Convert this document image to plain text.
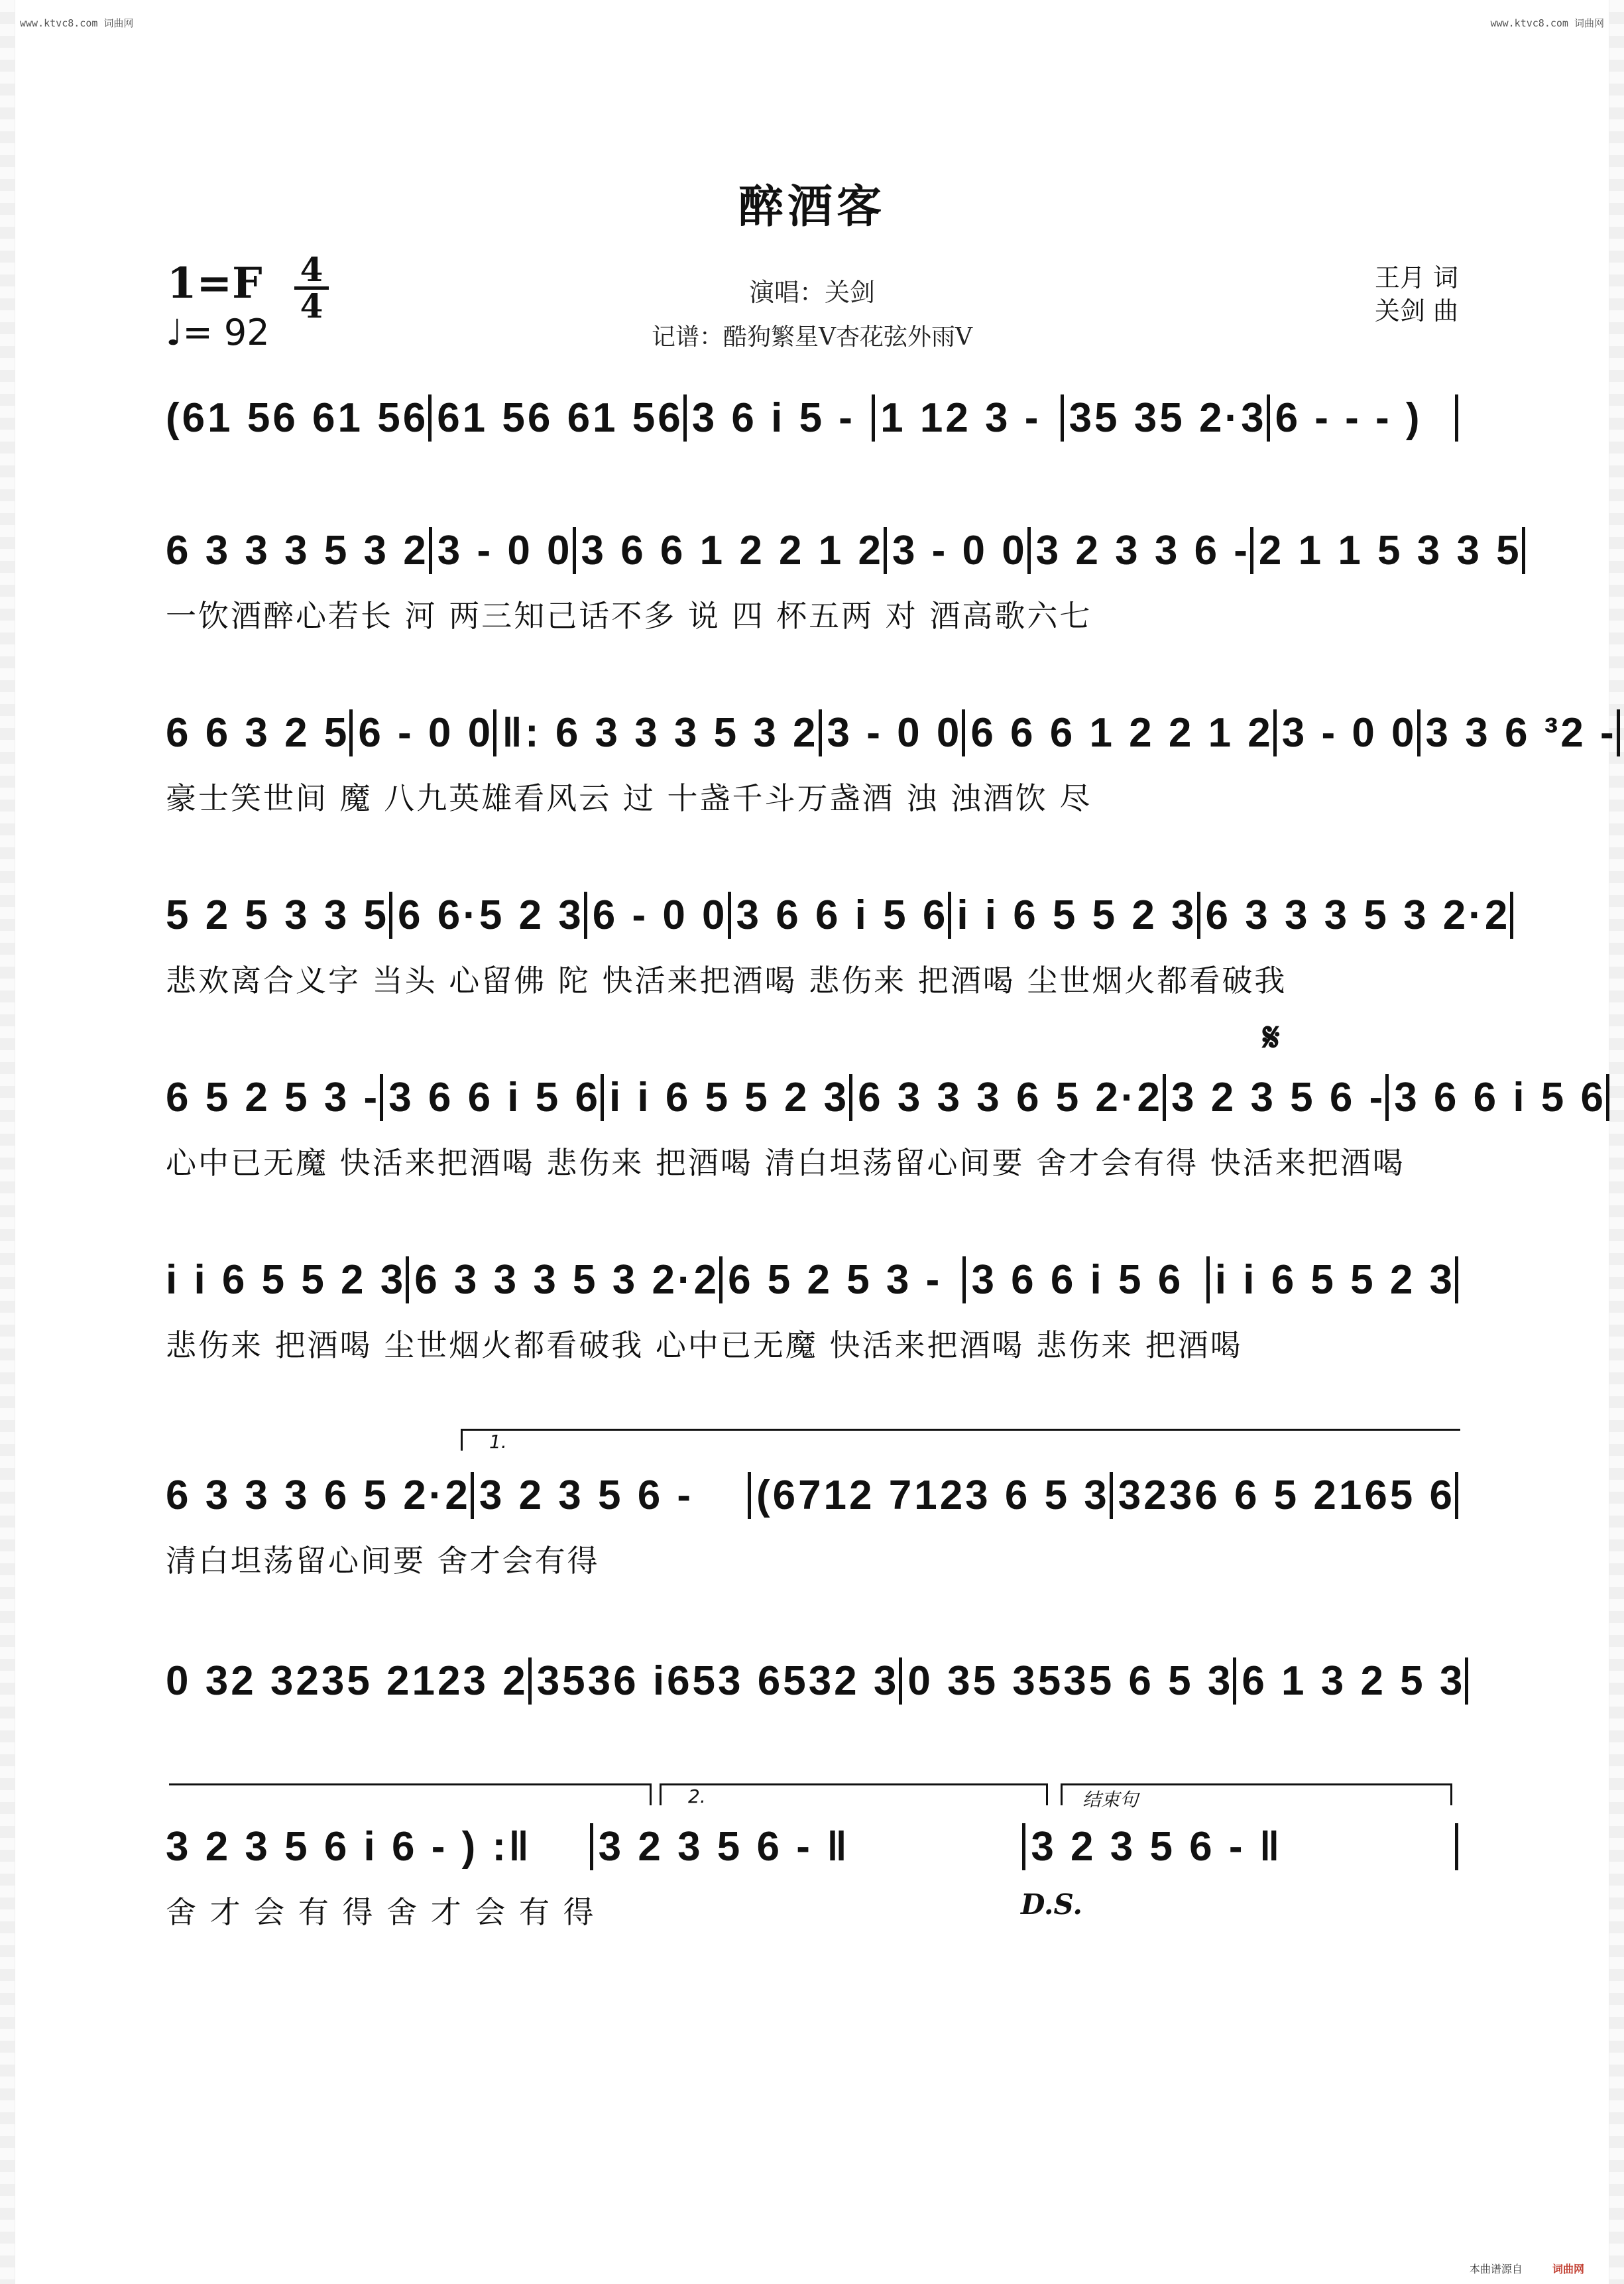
www.ktvc8.com 词曲网	www.ktvc8.com 词曲网
醉酒客
1=F 4
4
♩= 92
演唱：关剑
记谱：酷狗繁星V杏花弦外雨V
王月 词
关剑 曲
(61 56 61 56 61 56 61 56 3 6 i 5 - 1 12 3 - 35 35 2·3 6 - - - )
6 3 3 3 5 3 2 3 - 0 0 3 6 6 1 2 2 1 2 3 - 0 0 3 2 3 3 6 - 2 1 1 5 3 3 5
一饮酒醉心若长 河 两三知己话不多 说 四 杯五两 对 酒高歌六七
6 6 3 2 5 6 - 0 0 ‖: 6 3 3 3 5 3 2 3 - 0 0 6 6 6 1 2 2 1 2 3 - 0 0 3 3 6 ³2 -
豪士笑世间 魔 八九英雄看风云 过 十盏千斗万盏酒 浊 浊酒饮 尽
5 2 5 3 3 5 6 6·5 2 3 6 - 0 0 3 6 6 i 5 6 i i 6 5 5 2 3 6 3 3 3 5 3 2·2
悲欢离合义字 当头 心留佛 陀 快活来把酒喝 悲伤来 把酒喝 尘世烟火都看破我
𝄋
6 5 2 5 3 - 3 6 6 i 5 6 i i 6 5 5 2 3 6 3 3 3 6 5 2·2 3 2 3 5 6 - 3 6 6 i 5 6
心中已无魔 快活来把酒喝 悲伤来 把酒喝 清白坦荡留心间要 舍才会有得 快活来把酒喝
i i 6 5 5 2 3 6 3 3 3 5 3 2·2 6 5 2 5 3 - 3 6 6 i 5 6 i i 6 5 5 2 3
悲伤来 把酒喝 尘世烟火都看破我 心中已无魔 快活来把酒喝 悲伤来 把酒喝
1.
6 3 3 3 6 5 2·2 3 2 3 5 6 -	(6712 7123 6 5 3 3236 6 5 2165 6
清白坦荡留心间要 舍才会有得
0 32 3235 2123 2 3536 i653 6532 3 0 35 3535 6 5 3 6 1 3 2 5 3
2.	结束句
3 2 3 5 6 i 6 - ) :‖	3 2 3 5 6 - ‖	3 2 3 5 6 - ‖
舍 才 会 有 得 舍 才 会 有 得	D.S.
本曲谱源自	词曲网
